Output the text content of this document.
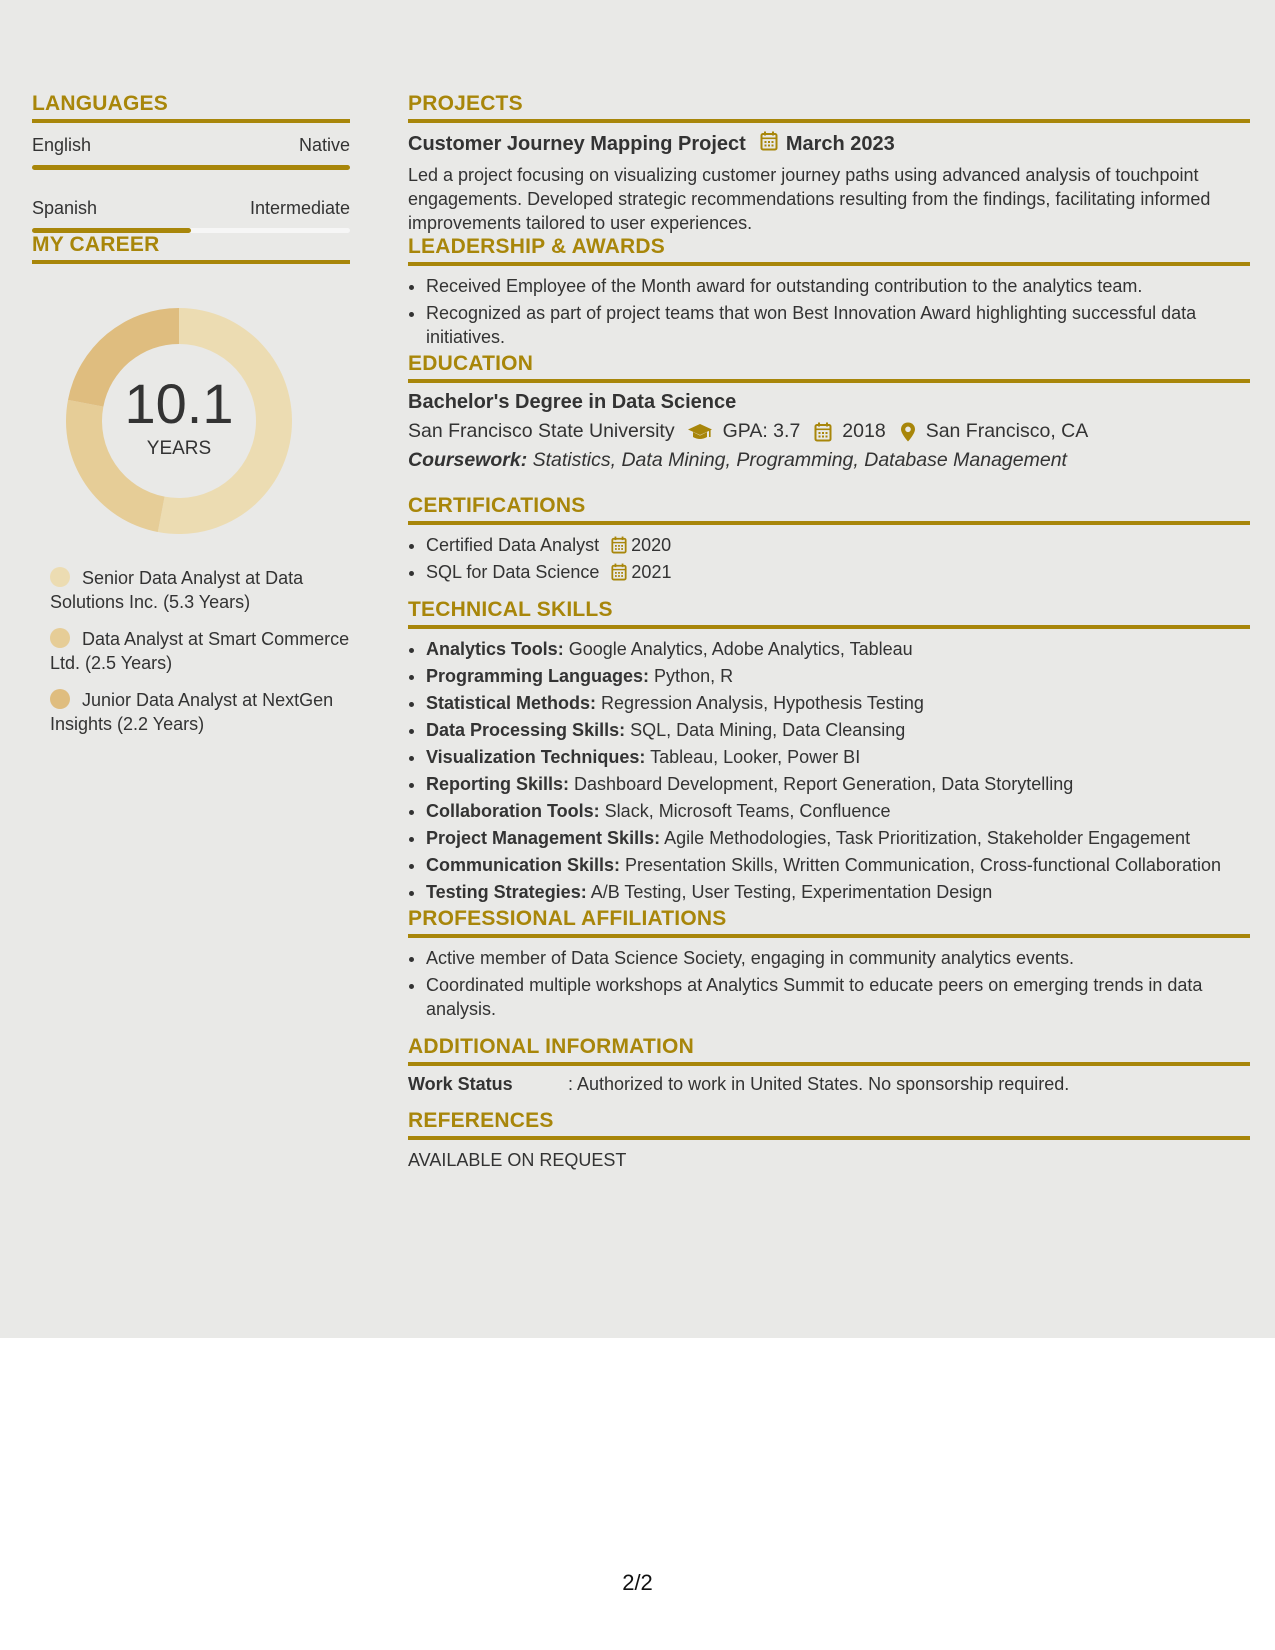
LANGUAGES
English	Native
Spanish	Intermediate
MY CAREER
10.1
YEARS
Senior Data Analyst at Data Solutions Inc. (5.3 Years)
Data Analyst at Smart Commerce Ltd. (2.5 Years)
Junior Data Analyst at NextGen Insights (2.2 Years)
PROJECTS
Customer Journey Mapping Project March 2023

Led a project focusing on visualizing customer journey paths using advanced analysis of touchpoint engagements. Developed strategic recommendations resulting from the findings, facilitating informed improvements tailored to user experiences.

LEADERSHIP & AWARDS
• Received Employee of the Month award for outstanding contribution to the analytics team.
• Recognized as part of project teams that won Best Innovation Award highlighting successful data initiatives.
EDUCATION
Bachelor's Degree in Data Science
San Francisco State University GPA: 3.7 2018 San Francisco, CA
Coursework: Statistics, Data Mining, Programming, Database Management
CERTIFICATIONS
• Certified Data Analyst 2020
• SQL for Data Science 2021
TECHNICAL SKILLS
• Analytics Tools: Google Analytics, Adobe Analytics, Tableau
• Programming Languages: Python, R
• Statistical Methods: Regression Analysis, Hypothesis Testing
• Data Processing Skills: SQL, Data Mining, Data Cleansing
• Visualization Techniques: Tableau, Looker, Power BI
• Reporting Skills: Dashboard Development, Report Generation, Data Storytelling
• Collaboration Tools: Slack, Microsoft Teams, Confluence
• Project Management Skills: Agile Methodologies, Task Prioritization, Stakeholder Engagement
• Communication Skills: Presentation Skills, Written Communication, Cross-functional Collaboration
• Testing Strategies: A/B Testing, User Testing, Experimentation Design
PROFESSIONAL AFFILIATIONS
• Active member of Data Science Society, engaging in community analytics events.
• Coordinated multiple workshops at Analytics Summit to educate peers on emerging trends in data analysis.
ADDITIONAL INFORMATION
Work Status	: Authorized to work in United States. No sponsorship required.
REFERENCES
AVAILABLE ON REQUEST
2/2
